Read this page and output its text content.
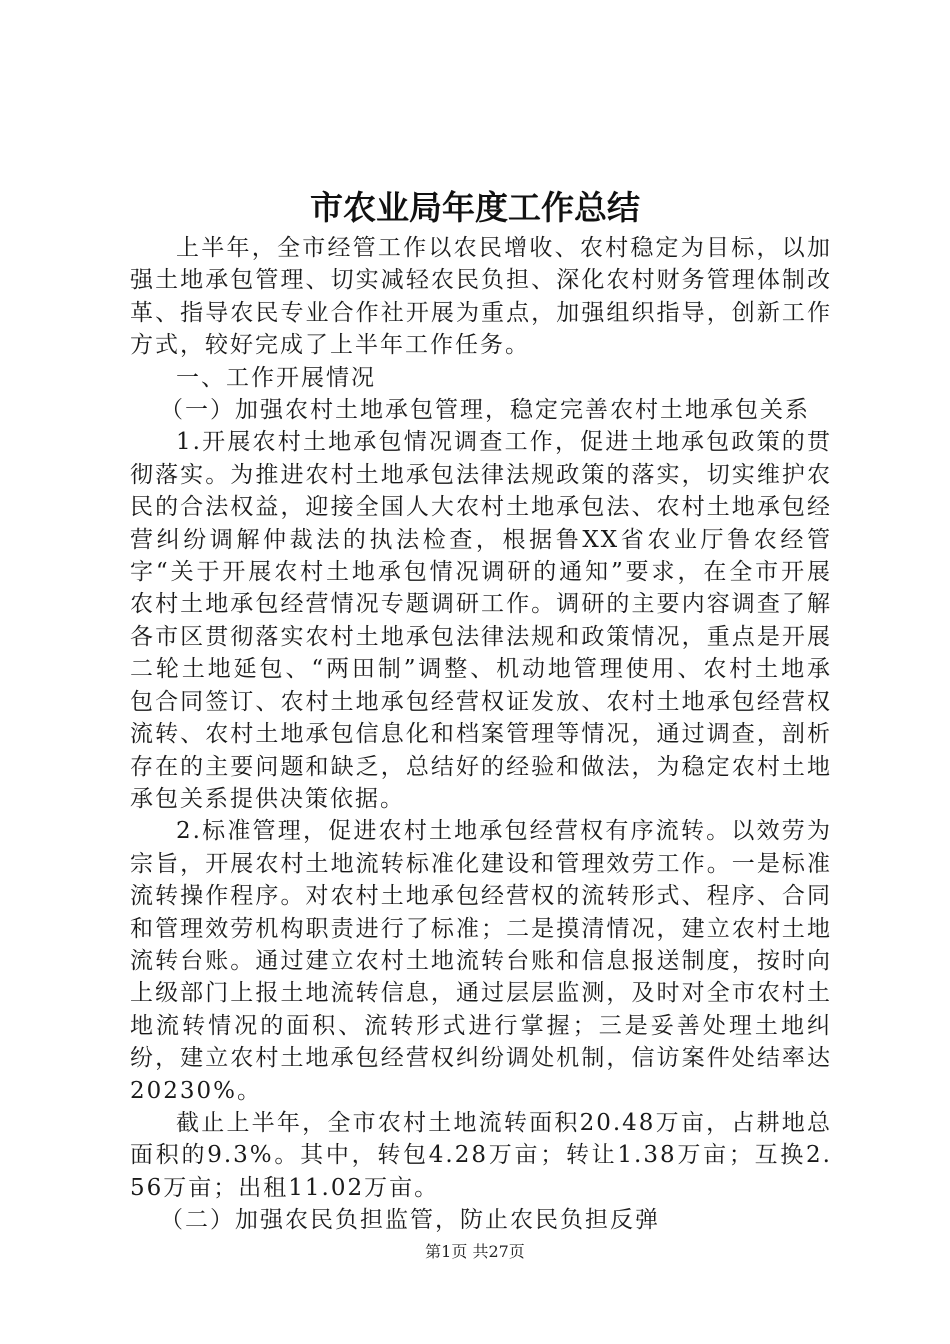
市农业局年度工作总结

上半年，全市经管工作以农民增收、农村稳定为目标，以加强土地承包管理、切实减轻农民负担、深化农村财务管理体制改革、指导农民专业合作社开展为重点，加强组织指导，创新工作方式，较好完成了上半年工作任务。

一、工作开展情况

（一）加强农村土地承包管理，稳定完善农村土地承包关系

1.开展农村土地承包情况调查工作，促进土地承包政策的贯彻落实。为推进农村土地承包法律法规政策的落实，切实维护农民的合法权益，迎接全国人大农村土地承包法、农村土地承包经营纠纷调解仲裁法的执法检查，根据鲁XX省农业厅鲁农经管字“关于开展农村土地承包情况调研的通知”要求，在全市开展农村土地承包经营情况专题调研工作。调研的主要内容调查了解各市区贯彻落实农村土地承包法律法规和政策情况，重点是开展二轮土地延包、“两田制”调整、机动地管理使用、农村土地承包合同签订、农村土地承包经营权证发放、农村土地承包经营权流转、农村土地承包信息化和档案管理等情况，通过调查，剖析存在的主要问题和缺乏，总结好的经验和做法，为稳定农村土地承包关系提供决策依据。

2.标准管理，促进农村土地承包经营权有序流转。以效劳为宗旨，开展农村土地流转标准化建设和管理效劳工作。一是标准流转操作程序。对农村土地承包经营权的流转形式、程序、合同和管理效劳机构职责进行了标准；二是摸清情况，建立农村土地流转台账。通过建立农村土地流转台账和信息报送制度，按时向上级部门上报土地流转信息，通过层层监测，及时对全市农村土地流转情况的面积、流转形式进行掌握；三是妥善处理土地纠纷，建立农村土地承包经营权纠纷调处机制，信访案件处结率达20230%。

截止上半年，全市农村土地流转面积20.48万亩，占耕地总面积的9.3%。其中，转包4.28万亩；转让1.38万亩；互换2.56万亩；出租11.02万亩。

（二）加强农民负担监管，防止农民负担反弹

第1页 共27页
